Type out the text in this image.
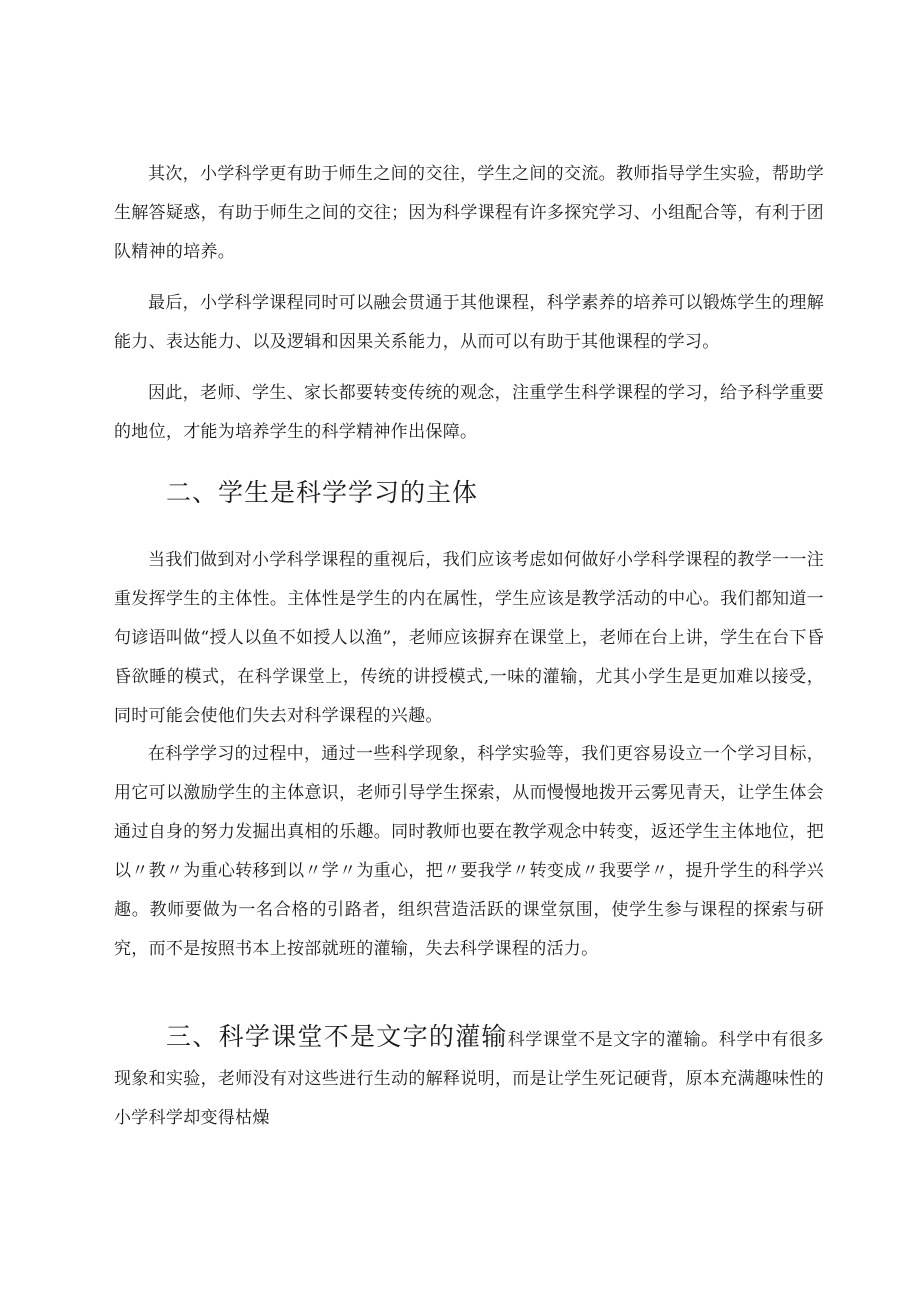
其次，小学科学更有助于师生之间的交往，学生之间的交流。教师指导学生实验，帮助学生解答疑惑，有助于师生之间的交往；因为科学课程有许多探究学习、小组配合等，有利于团队精神的培养。

最后，小学科学课程同时可以融会贯通于其他课程，科学素养的培养可以锻炼学生的理解能力、表达能力、以及逻辑和因果关系能力，从而可以有助于其他课程的学习。

因此，老师、学生、家长都要转变传统的观念，注重学生科学课程的学习，给予科学重要的地位，才能为培养学生的科学精神作出保障。

二、学生是科学学习的主体

当我们做到对小学科学课程的重视后，我们应该考虑如何做好小学科学课程的教学一一注重发挥学生的主体性。主体性是学生的内在属性，学生应该是教学活动的中心。我们都知道一句谚语叫做“授人以鱼不如授人以渔”，老师应该摒弃在课堂上，老师在台上讲，学生在台下昏昏欲睡的模式，在科学课堂上，传统的讲授模式,一味的灌输，尤其小学生是更加难以接受，同时可能会使他们失去对科学课程的兴趣。

在科学学习的过程中，通过一些科学现象，科学实验等，我们更容易设立一个学习目标，用它可以激励学生的主体意识，老师引导学生探索，从而慢慢地拨开云雾见青天，让学生体会通过自身的努力发掘出真相的乐趣。同时教师也要在教学观念中转变，返还学生主体地位，把以〃教〃为重心转移到以〃学〃为重心，把〃要我学〃转变成〃我要学〃，提升学生的科学兴趣。教师要做为一名合格的引路者，组织营造活跃的课堂氛围，使学生参与课程的探索与研究，而不是按照书本上按部就班的灌输，失去科学课程的活力。

三、科学课堂不是文字的灌输科学课堂不是文字的灌输。科学中有很多现象和实验，老师没有对这些进行生动的解释说明，而是让学生死记硬背，原本充满趣味性的小学科学却变得枯燥
